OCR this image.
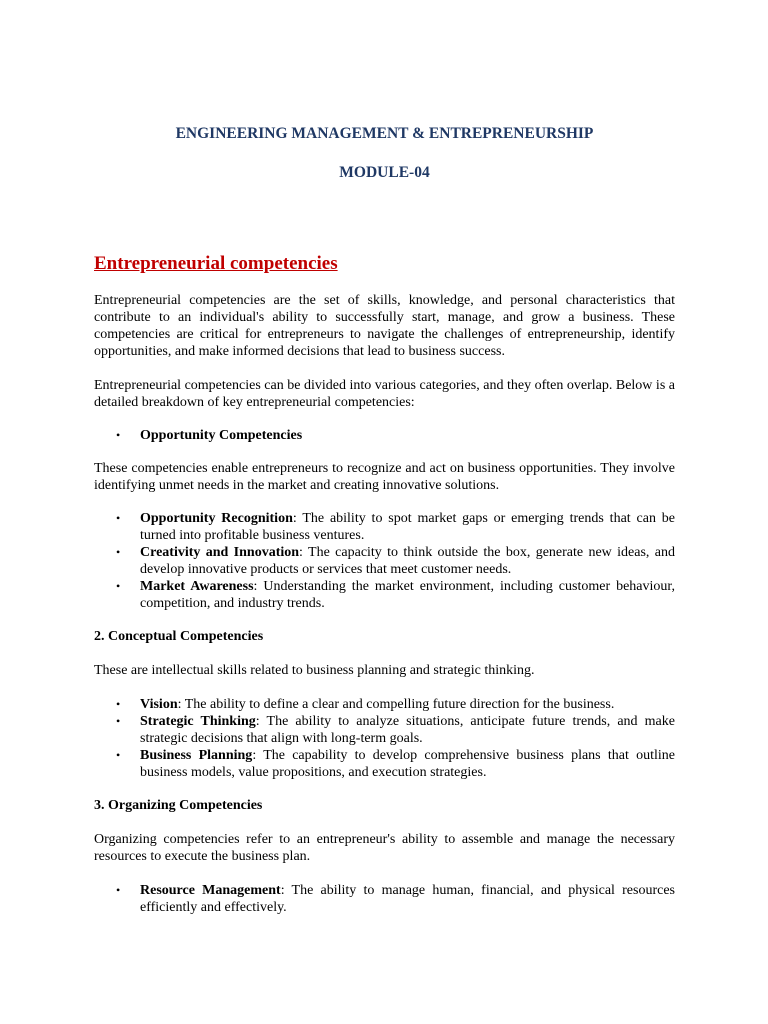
ENGINEERING MANAGEMENT & ENTREPRENEURSHIP
MODULE-04
Entrepreneurial competencies

Entrepreneurial competencies are the set of skills, knowledge, and personal characteristics that contribute to an individual's ability to successfully start, manage, and grow a business. These competencies are critical for entrepreneurs to navigate the challenges of entrepreneurship, identify opportunities, and make informed decisions that lead to business success.

Entrepreneurial competencies can be divided into various categories, and they often overlap. Below is a detailed breakdown of key entrepreneurial competencies:

• Opportunity Competencies

These competencies enable entrepreneurs to recognize and act on business opportunities. They involve identifying unmet needs in the market and creating innovative solutions.

• Opportunity Recognition: The ability to spot market gaps or emerging trends that can be turned into profitable business ventures.
• Creativity and Innovation: The capacity to think outside the box, generate new ideas, and develop innovative products or services that meet customer needs.
• Market Awareness: Understanding the market environment, including customer behaviour, competition, and industry trends.

2. Conceptual Competencies

These are intellectual skills related to business planning and strategic thinking.

• Vision: The ability to define a clear and compelling future direction for the business.
• Strategic Thinking: The ability to analyze situations, anticipate future trends, and make strategic decisions that align with long-term goals.
• Business Planning: The capability to develop comprehensive business plans that outline business models, value propositions, and execution strategies.

3. Organizing Competencies

Organizing competencies refer to an entrepreneur's ability to assemble and manage the necessary resources to execute the business plan.

• Resource Management: The ability to manage human, financial, and physical resources efficiently and effectively.
